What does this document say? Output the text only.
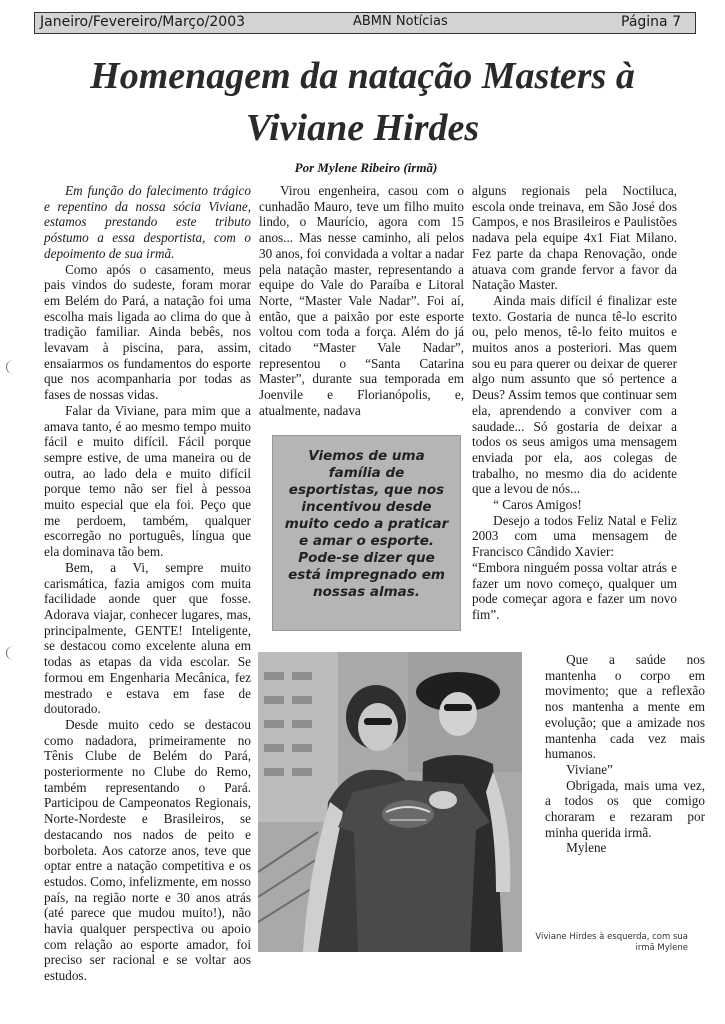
Janeiro/Fevereiro/Março/2003	ABMN Notícias	Página 7
Homenagem da natação Masters à
Viviane Hirdes
Por Mylene Ribeiro (irmã)

Em função do falecimento trágico e repentino da nossa sócia Viviane, estamos prestando este tributo póstumo a essa desportista, com o depoimento de sua irmã.

Como após o casamento, meus pais vindos do sudeste, foram morar em Belém do Pará, a natação foi uma escolha mais ligada ao clima do que à tradição familiar. Ainda bebês, nos levavam à piscina, para, assim, ensaiarmos os fundamentos do esporte que nos acompanharia por todas as fases de nossas vidas.

Falar da Viviane, para mim que a amava tanto, é ao mesmo tempo muito fácil e muito difícil. Fácil porque sempre estive, de uma maneira ou de outra, ao lado dela e muito difícil porque temo não ser fiel à pessoa muito especial que ela foi. Peço que me perdoem, também, qualquer escorregão no português, língua que ela dominava tão bem.

Bem, a Vi, sempre muito carismática, fazia amigos com muita facilidade aonde quer que fosse. Adorava viajar, conhecer lugares, mas, principalmente, GENTE! Inteligente, se destacou como excelente aluna em todas as etapas da vida escolar. Se formou em Engenharia Mecânica, fez mestrado e estava em fase de doutorado.

Desde muito cedo se destacou como nadadora, primeiramente no Tênis Clube de Belém do Pará, posteriormente no Clube do Remo, também representando o Pará. Participou de Campeonatos Regionais, Norte-Nordeste e Brasileiros, se destacando nos nados de peito e borboleta. Aos catorze anos, teve que optar entre a natação competitiva e os estudos. Como, infelizmente, em nosso país, na região norte e 30 anos atrás (até parece que mudou muito!), não havia qualquer perspectiva ou apoio com relação ao esporte amador, foi preciso ser racional e se voltar aos estudos.

Virou engenheira, casou com o cunhadão Mauro, teve um filho muito lindo, o Maurício, agora com 15 anos... Mas nesse caminho, ali pelos 30 anos, foi convidada a voltar a nadar pela natação master, representando a equipe do Vale do Paraíba e Litoral Norte, “Master Vale Nadar”. Foi aí, então, que a paixão por este esporte voltou com toda a força. Além do já citado “Master Vale Nadar”, representou o “Santa Catarina Master”, durante sua temporada em Joenvile e Florianópolis, e, atualmente, nadava

Viemos de uma família de esportistas, que nos incentivou desde muito cedo a praticar e amar o esporte. Pode-se dizer que está impregnado em nossas almas.

alguns regionais pela Noctiluca, escola onde treinava, em São José dos Campos, e nos Brasileiros e Paulistões nadava pela equipe 4x1 Fiat Milano. Fez parte da chapa Renovação, onde atuava com grande fervor a favor da Natação Master.

Ainda mais difícil é finalizar este texto. Gostaria de nunca tê-lo escrito ou, pelo menos, tê-lo feito muitos e muitos anos a posteriori. Mas quem sou eu para querer ou deixar de querer algo num assunto que só pertence a Deus? Assim temos que continuar sem ela, aprendendo a conviver com a saudade... Só gostaria de deixar a todos os seus amigos uma mensagem enviada por ela, aos colegas de trabalho, no mesmo dia do acidente que a levou de nós...

“ Caros Amigos!

Desejo a todos Feliz Natal e Feliz 2003 com uma mensagem de Francisco Cândido Xavier:

“Embora ninguém possa voltar atrás e fazer um novo começo, qualquer um pode começar agora e fazer um novo fim”.

Que a saúde nos mantenha o corpo em movimento; que a reflexão nos mantenha a mente em evolução; que a amizade nos mantenha cada vez mais humanos.

Viviane”

Obrigada, mais uma vez, a todos os que comigo choraram e rezaram por minha querida irmã.

Mylene

Viviane Hirdes à esquerda, com sua irmã Mylene
